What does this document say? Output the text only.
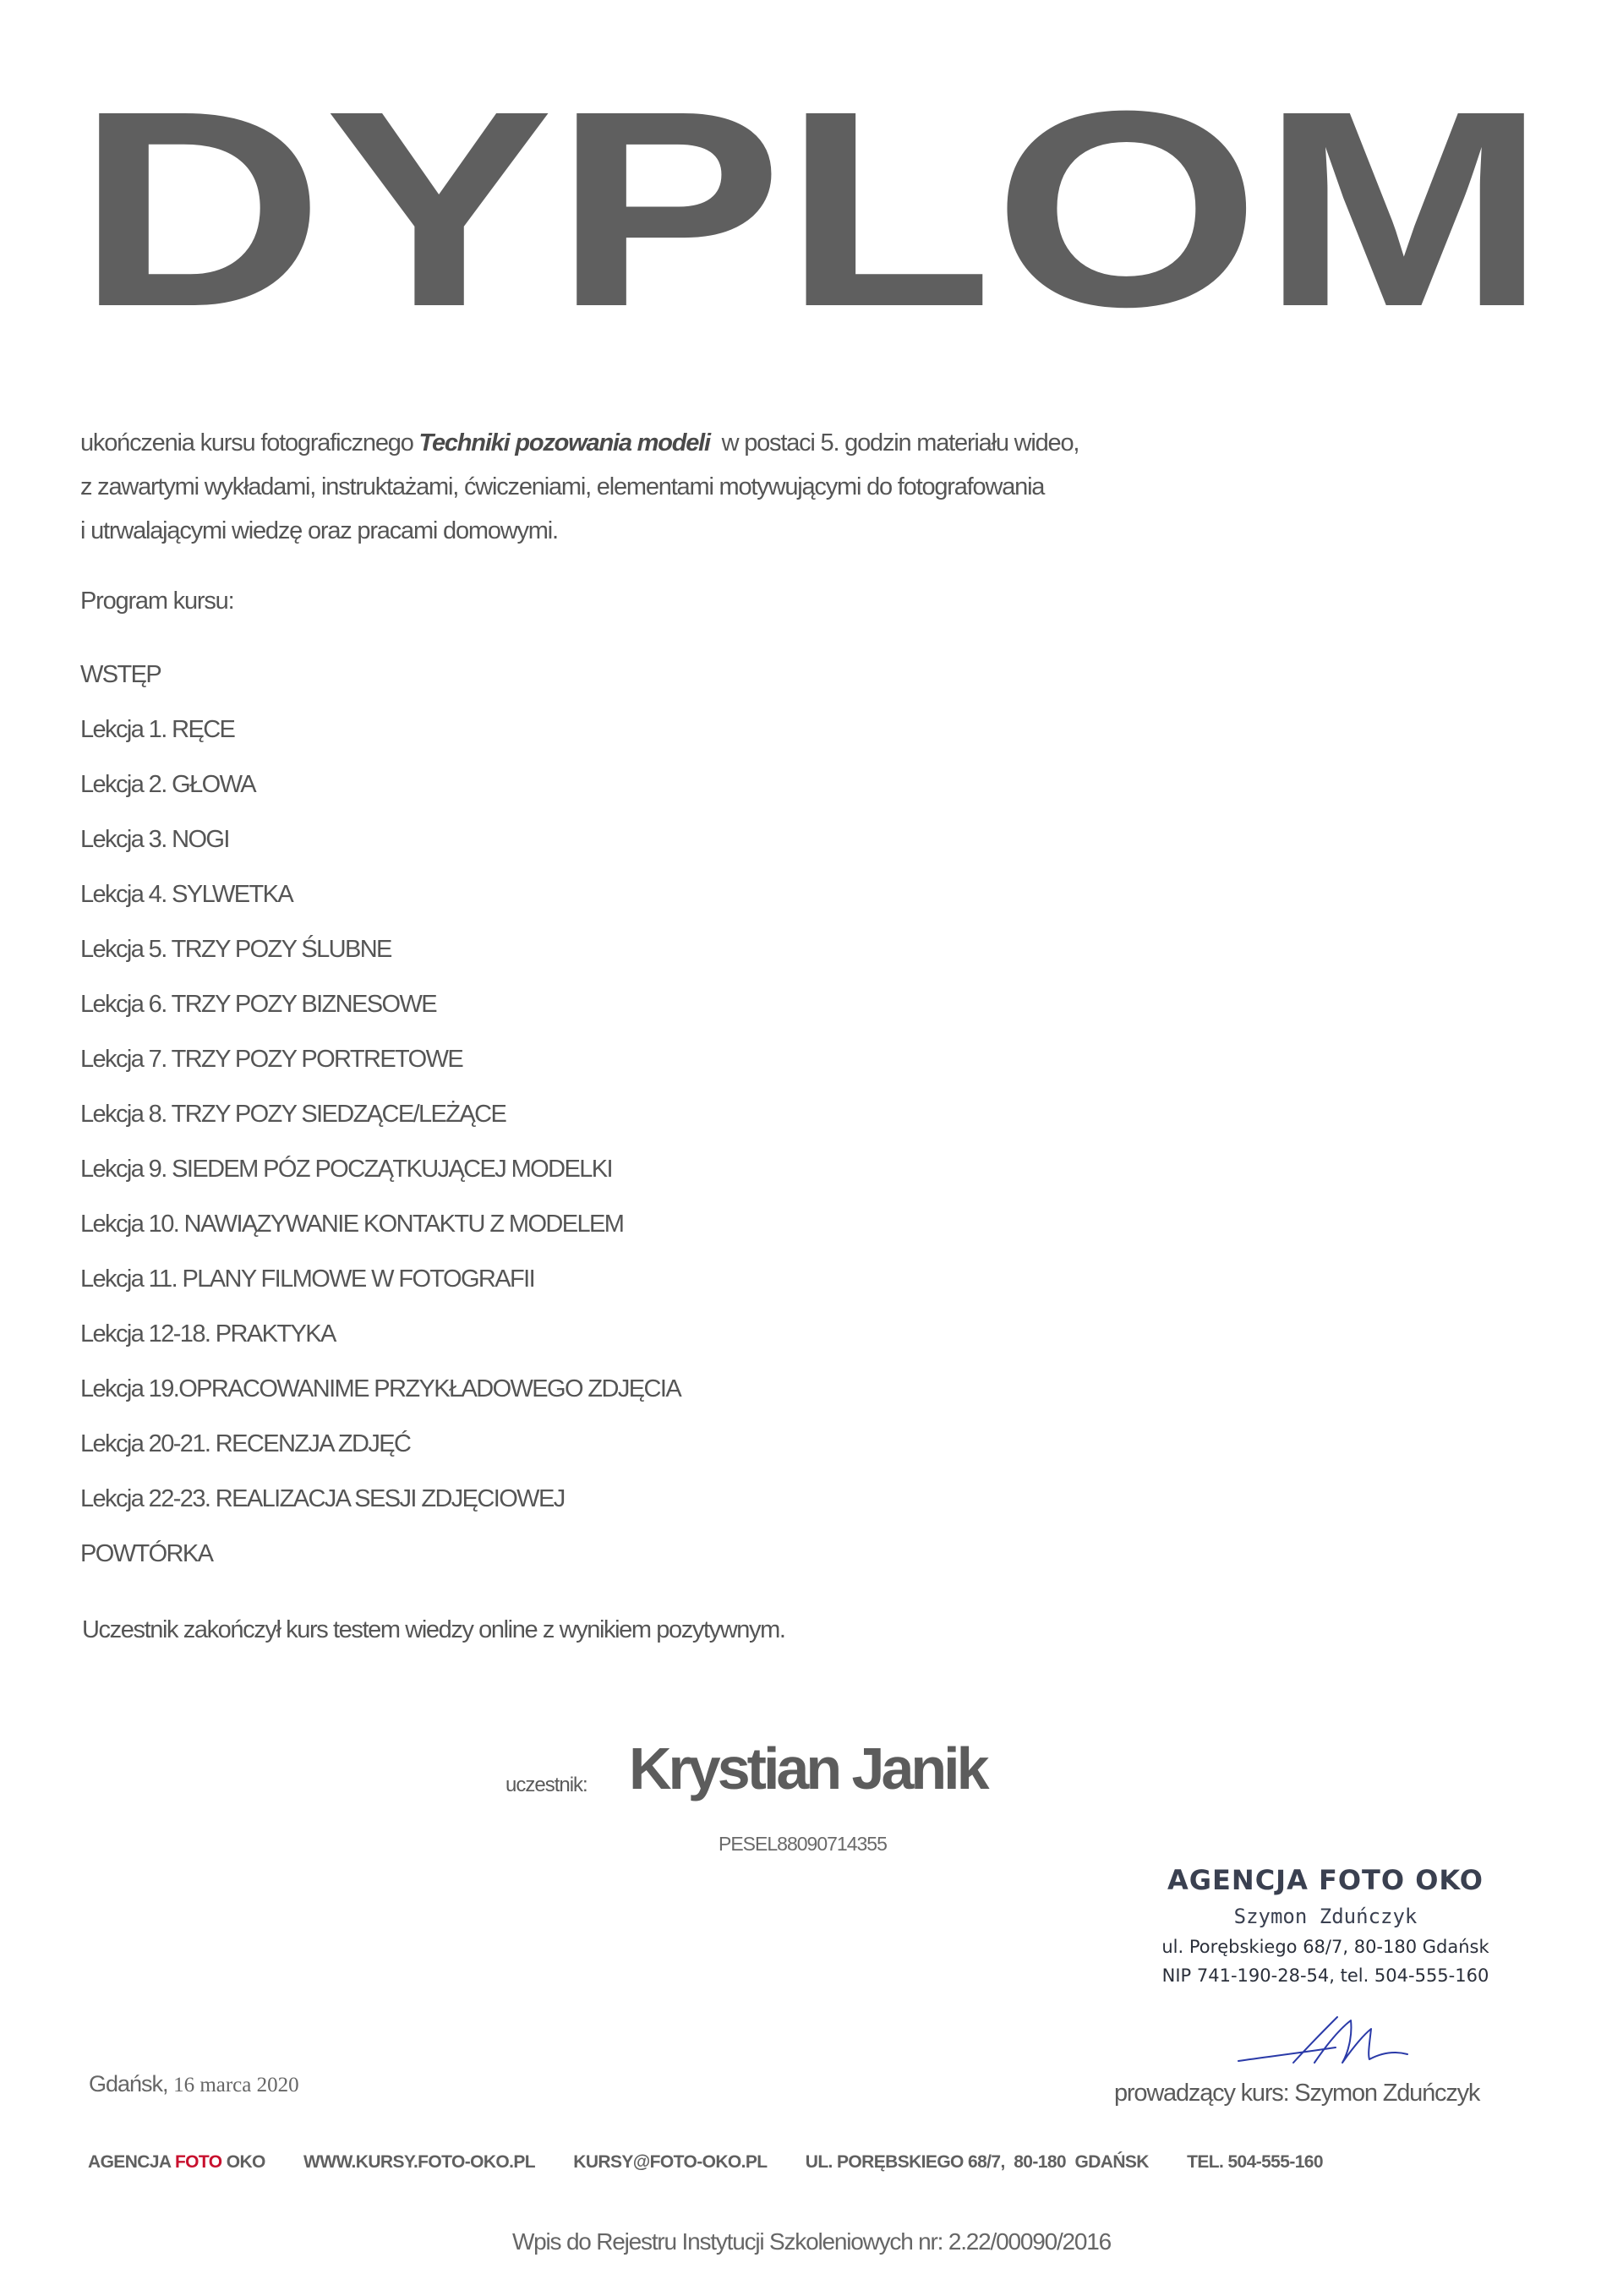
DYPLOM
ukończenia kursu fotograficznego Techniki pozowania modeli  w postaci 5. godzin materiału wideo,
z zawartymi wykładami, instruktażami, ćwiczeniami, elementami motywującymi do fotografowania
i utrwalającymi wiedzę oraz pracami domowymi.
Program kursu:
WSTĘP
Lekcja 1. RĘCE
Lekcja 2. GŁOWA
Lekcja 3. NOGI
Lekcja 4. SYLWETKA
Lekcja 5. TRZY POZY ŚLUBNE
Lekcja 6. TRZY POZY BIZNESOWE
Lekcja 7. TRZY POZY PORTRETOWE
Lekcja 8. TRZY POZY SIEDZĄCE/LEŻĄCE
Lekcja 9. SIEDEM PÓZ POCZĄTKUJĄCEJ MODELKI
Lekcja 10. NAWIĄZYWANIE KONTAKTU Z MODELEM
Lekcja 11. PLANY FILMOWE W FOTOGRAFII
Lekcja 12-18. PRAKTYKA
Lekcja 19.OPRACOWANIME PRZYKŁADOWEGO ZDJĘCIA
Lekcja 20-21. RECENZJA ZDJĘĆ
Lekcja 22-23. REALIZACJA SESJI ZDJĘCIOWEJ
POWTÓRKA
Uczestnik zakończył kurs testem wiedzy online z wynikiem pozytywnym.
uczestnik: Krystian Janik
PESEL88090714355
AGENCJA FOTO OKO
Szymon Zduńczyk
ul. Porębskiego 68/7, 80-180 Gdańsk
NIP 741-190-28-54, tel. 504-555-160
Gdańsk, 16 marca 2020	prowadzący kurs: Szymon Zduńczyk
AGENCJA FOTO OKO WWW.KURSY.FOTO-OKO.PL KURSY@FOTO-OKO.PL UL. PORĘBSKIEGO 68/7,  80-180  GDAŃSK TEL. 504-555-160
Wpis do Rejestru Instytucji Szkoleniowych nr: 2.22/00090/2016
